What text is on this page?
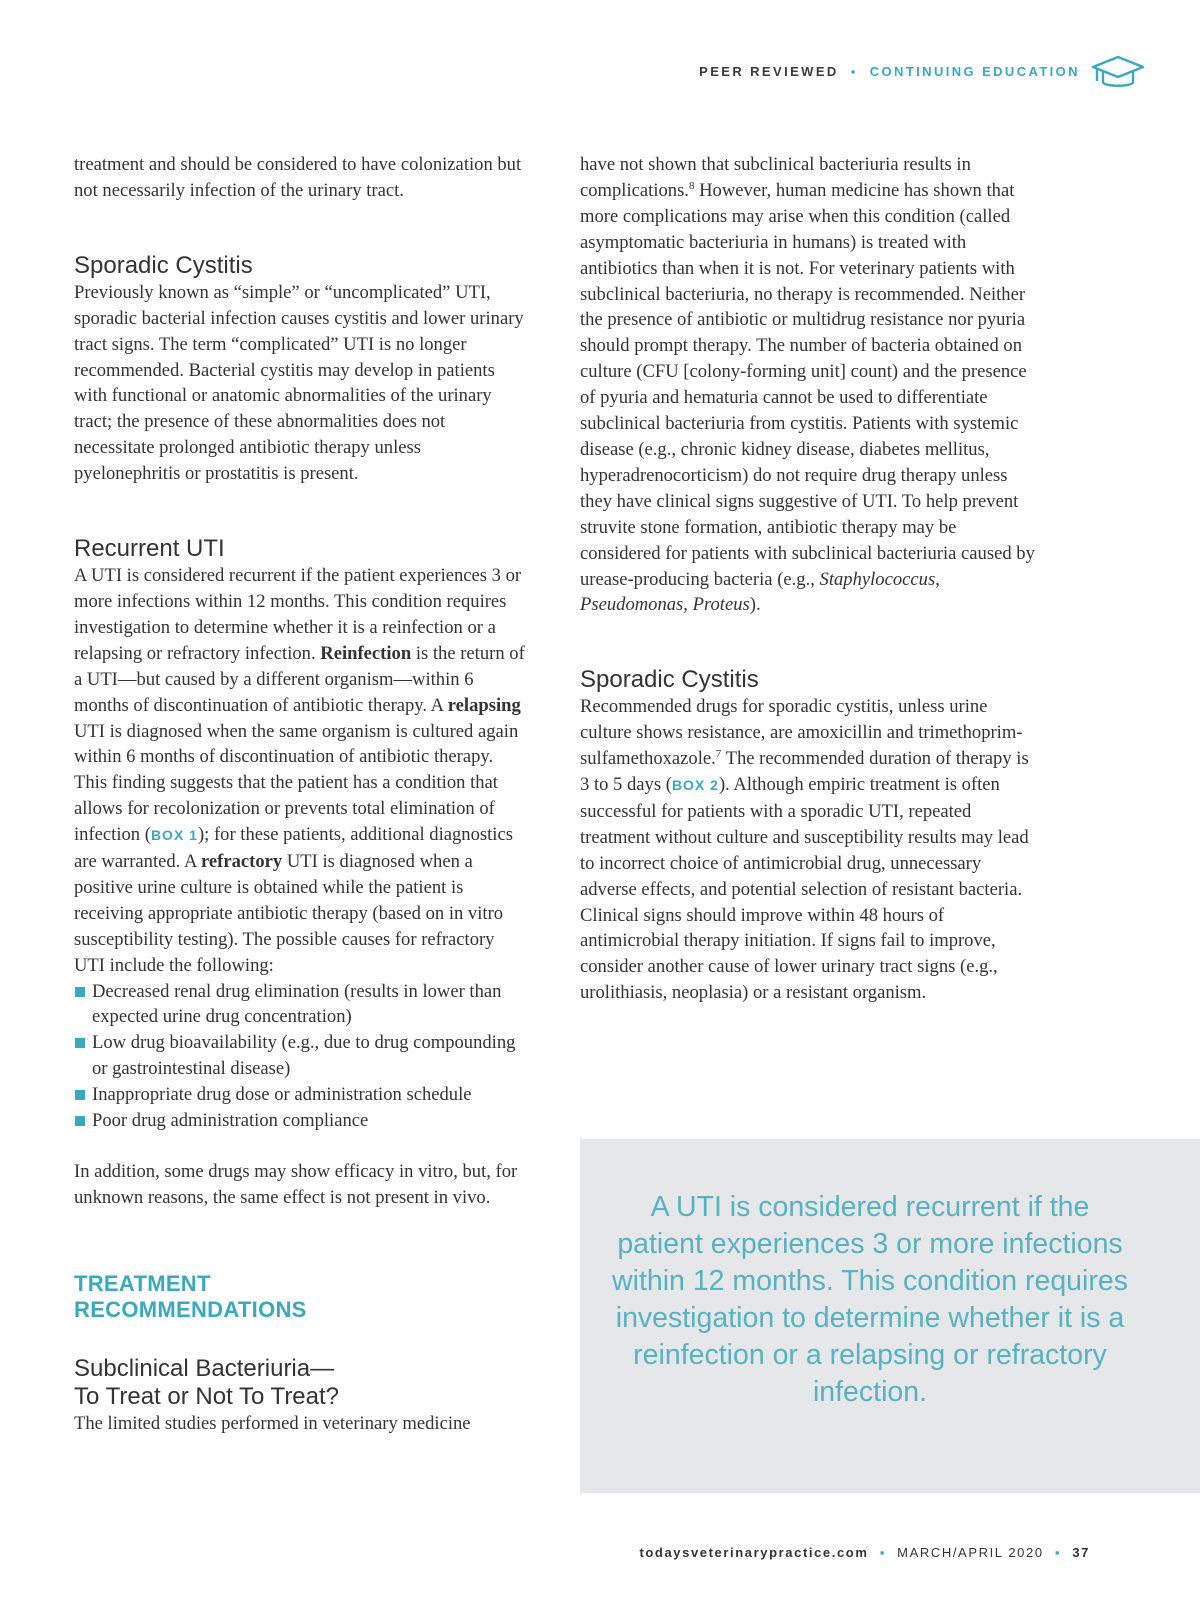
PEER REVIEWED ▪ CONTINUING EDUCATION

treatment and should be considered to have colonization but not necessarily infection of the urinary tract.

Sporadic Cystitis

Previously known as “simple” or “uncomplicated” UTI, sporadic bacterial infection causes cystitis and lower urinary tract signs. The term “complicated” UTI is no longer recommended. Bacterial cystitis may develop in patients with functional or anatomic abnormalities of the urinary tract; the presence of these abnormalities does not necessitate prolonged antibiotic therapy unless pyelonephritis or prostatitis is present.

Recurrent UTI

A UTI is considered recurrent if the patient experiences 3 or more infections within 12 months. This condition requires investigation to determine whether it is a reinfection or a relapsing or refractory infection. Reinfection is the return of a UTI—but caused by a different organism—within 6 months of discontinuation of antibiotic therapy. A relapsing UTI is diagnosed when the same organism is cultured again within 6 months of discontinuation of antibiotic therapy. This finding suggests that the patient has a condition that allows for recolonization or prevents total elimination of infection (BOX 1); for these patients, additional diagnostics are warranted. A refractory UTI is diagnosed when a positive urine culture is obtained while the patient is receiving appropriate antibiotic therapy (based on in vitro susceptibility testing). The possible causes for refractory UTI include the following:

Decreased renal drug elimination (results in lower than expected urine drug concentration)
Low drug bioavailability (e.g., due to drug compounding or gastrointestinal disease)
Inappropriate drug dose or administration schedule
Poor drug administration compliance

In addition, some drugs may show efficacy in vitro, but, for unknown reasons, the same effect is not present in vivo.

TREATMENT
RECOMMENDATIONS
Subclinical Bacteriuria—
To Treat or Not To Treat?

The limited studies performed in veterinary medicine

have not shown that subclinical bacteriuria results in complications.$^8$ However, human medicine has shown that more complications may arise when this condition (called asymptomatic bacteriuria in humans) is treated with antibiotics than when it is not. For veterinary patients with subclinical bacteriuria, no therapy is recommended. Neither the presence of antibiotic or multidrug resistance nor pyuria should prompt therapy. The number of bacteria obtained on culture (CFU [colony-forming unit] count) and the presence of pyuria and hematuria cannot be used to differentiate subclinical bacteriuria from cystitis. Patients with systemic disease (e.g., chronic kidney disease, diabetes mellitus, hyperadrenocorticism) do not require drug therapy unless they have clinical signs suggestive of UTI. To help prevent struvite stone formation, antibiotic therapy may be considered for patients with subclinical bacteriuria caused by urease-producing bacteria (e.g., Staphylococcus, Pseudomonas, Proteus).

Sporadic Cystitis

Recommended drugs for sporadic cystitis, unless urine culture shows resistance, are amoxicillin and trimethoprim-sulfamethoxazole.$^7$ The recommended duration of therapy is 3 to 5 days (BOX 2). Although empiric treatment is often successful for patients with a sporadic UTI, repeated treatment without culture and susceptibility results may lead to incorrect choice of antimicrobial drug, unnecessary adverse effects, and potential selection of resistant bacteria. Clinical signs should improve within 48 hours of antimicrobial therapy initiation. If signs fail to improve, consider another cause of lower urinary tract signs (e.g., urolithiasis, neoplasia) or a resistant organism.

A UTI is considered recurrent if the patient experiences 3 or more infections within 12 months. This condition requires investigation to determine whether it is a reinfection or a relapsing or refractory infection.
todaysveterinarypractice.com ▪ MARCH/APRIL 2020 ▪ 37
